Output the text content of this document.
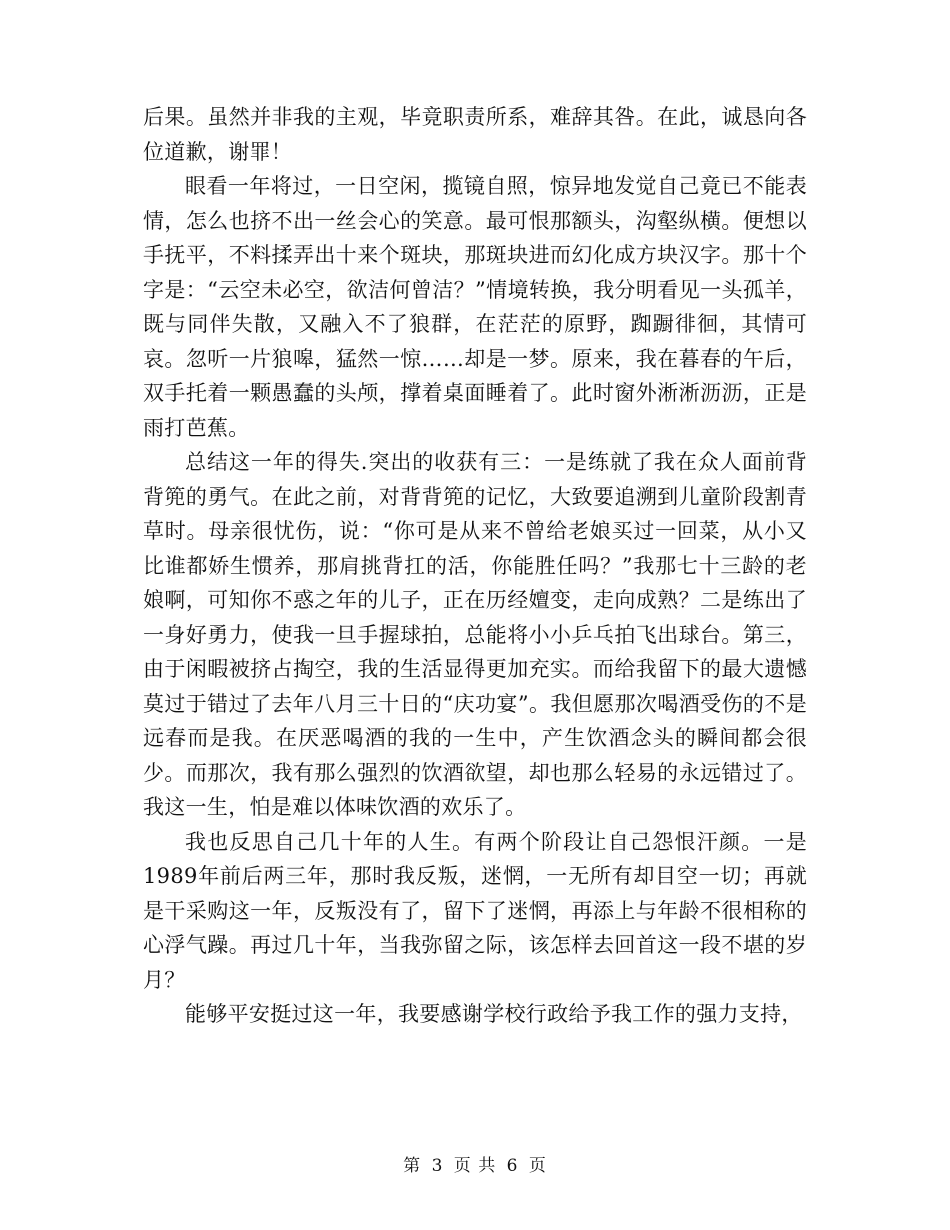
后果。虽然并非我的主观，毕竟职责所系，难辞其咎。在此，诚恳向各位道歉，谢罪！

眼看一年将过，一日空闲，揽镜自照，惊异地发觉自己竟已不能表情，怎么也挤不出一丝会心的笑意。最可恨那额头，沟壑纵横。便想以手抚平，不料揉弄出十来个斑块，那斑块进而幻化成方块汉字。那十个字是：“云空未必空，欲洁何曾洁？”情境转换，我分明看见一头孤羊，既与同伴失散，又融入不了狼群，在茫茫的原野，踟蹰徘徊，其情可哀。忽听一片狼嗥，猛然一惊……却是一梦。原来，我在暮春的午后，双手托着一颗愚蠢的头颅，撑着桌面睡着了。此时窗外淅淅沥沥，正是雨打芭蕉。

总结这一年的得失.突出的收获有三：一是练就了我在众人面前背背篼的勇气。在此之前，对背背篼的记忆，大致要追溯到儿童阶段割青草时。母亲很忧伤，说：“你可是从来不曾给老娘买过一回菜，从小又比谁都娇生惯养，那肩挑背扛的活，你能胜任吗？”我那七十三龄的老娘啊，可知你不惑之年的儿子，正在历经嬗变，走向成熟？二是练出了一身好勇力，使我一旦手握球拍，总能将小小乒乓拍飞出球台。第三，由于闲暇被挤占掏空，我的生活显得更加充实。而给我留下的最大遗憾莫过于错过了去年八月三十日的“庆功宴”。我但愿那次喝酒受伤的不是远春而是我。在厌恶喝酒的我的一生中，产生饮酒念头的瞬间都会很少。而那次，我有那么强烈的饮酒欲望，却也那么轻易的永远错过了。我这一生，怕是难以体味饮酒的欢乐了。

我也反思自己几十年的人生。有两个阶段让自己怨恨汗颜。一是1989年前后两三年，那时我反叛，迷惘，一无所有却目空一切；再就是干采购这一年，反叛没有了，留下了迷惘，再添上与年龄不很相称的心浮气躁。再过几十年，当我弥留之际，该怎样去回首这一段不堪的岁月？

能够平安挺过这一年，我要感谢学校行政给予我工作的强力支持，

第 3 页 共 6 页
